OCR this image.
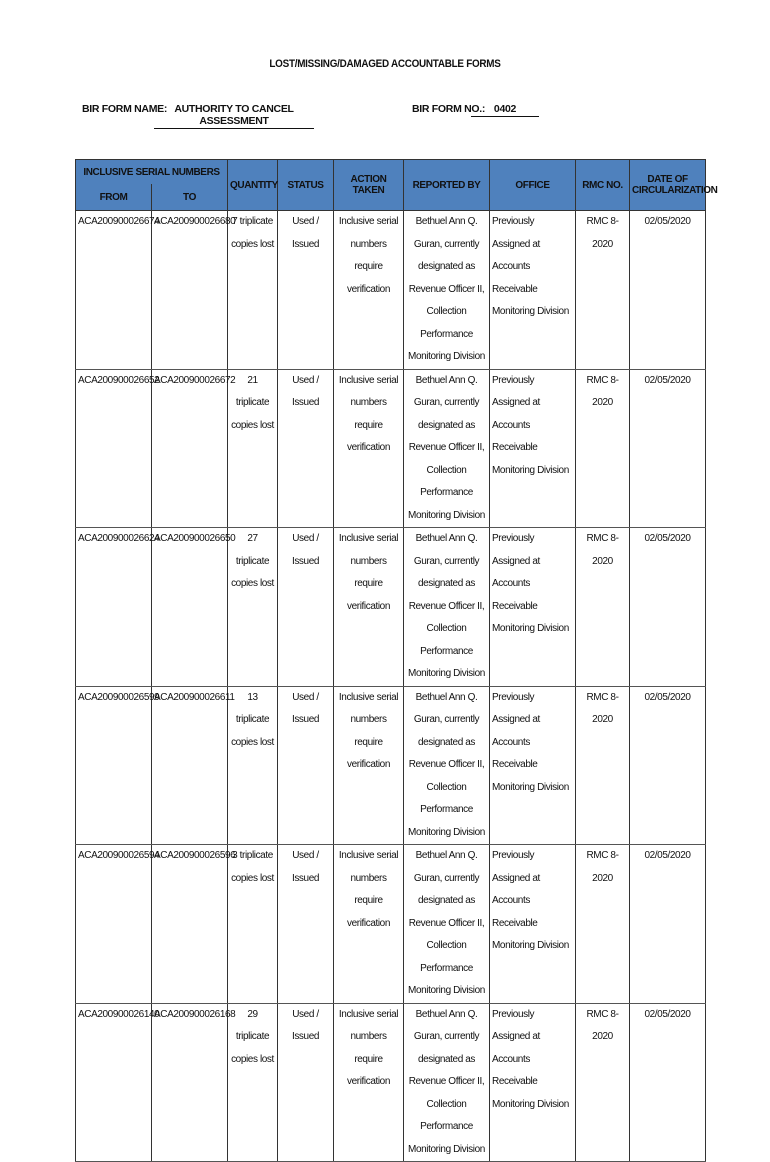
LOST/MISSING/DAMAGED ACCOUNTABLE FORMS
BIR FORM NAME: AUTHORITY TO CANCEL ASSESSMENT
BIR FORM NO.: 0402
INCLUSIVE SERIAL NUMBERS		QUANTITY	STATUS	ACTION TAKEN	REPORTED BY	OFFICE	RMC NO.	DATE OF CIRCULARIZATION
FROM	TO							
ACA200900026674	ACA200900026680	7 triplicate copies lost	Used / Issued	Inclusive serial numbers require verification	Bethuel Ann Q. Guran, currently designated as Revenue Officer II, Collection Performance Monitoring Division	Previously Assigned at Accounts Receivable Monitoring Division	RMC 8-2020	02/05/2020
ACA200900026652	ACA200900026672	21 triplicate copies lost	Used / Issued	Inclusive serial numbers require verification	Bethuel Ann Q. Guran, currently designated as Revenue Officer II, Collection Performance Monitoring Division	Previously Assigned at Accounts Receivable Monitoring Division	RMC 8-2020	02/05/2020
ACA200900026624	ACA200900026650	27 triplicate copies lost	Used / Issued	Inclusive serial numbers require verification	Bethuel Ann Q. Guran, currently designated as Revenue Officer II, Collection Performance Monitoring Division	Previously Assigned at Accounts Receivable Monitoring Division	RMC 8-2020	02/05/2020
ACA200900026599	ACA200900026611	13 triplicate copies lost	Used / Issued	Inclusive serial numbers require verification	Bethuel Ann Q. Guran, currently designated as Revenue Officer II, Collection Performance Monitoring Division	Previously Assigned at Accounts Receivable Monitoring Division	RMC 8-2020	02/05/2020
ACA200900026594	ACA200900026596	3 triplicate copies lost	Used / Issued	Inclusive serial numbers require verification	Bethuel Ann Q. Guran, currently designated as Revenue Officer II, Collection Performance Monitoring Division	Previously Assigned at Accounts Receivable Monitoring Division	RMC 8-2020	02/05/2020
ACA200900026140	ACA200900026168	29 triplicate copies lost	Used / Issued	Inclusive serial numbers require verification	Bethuel Ann Q. Guran, currently designated as Revenue Officer II, Collection Performance Monitoring Division	Previously Assigned at Accounts Receivable Monitoring Division	RMC 8-2020	02/05/2020
